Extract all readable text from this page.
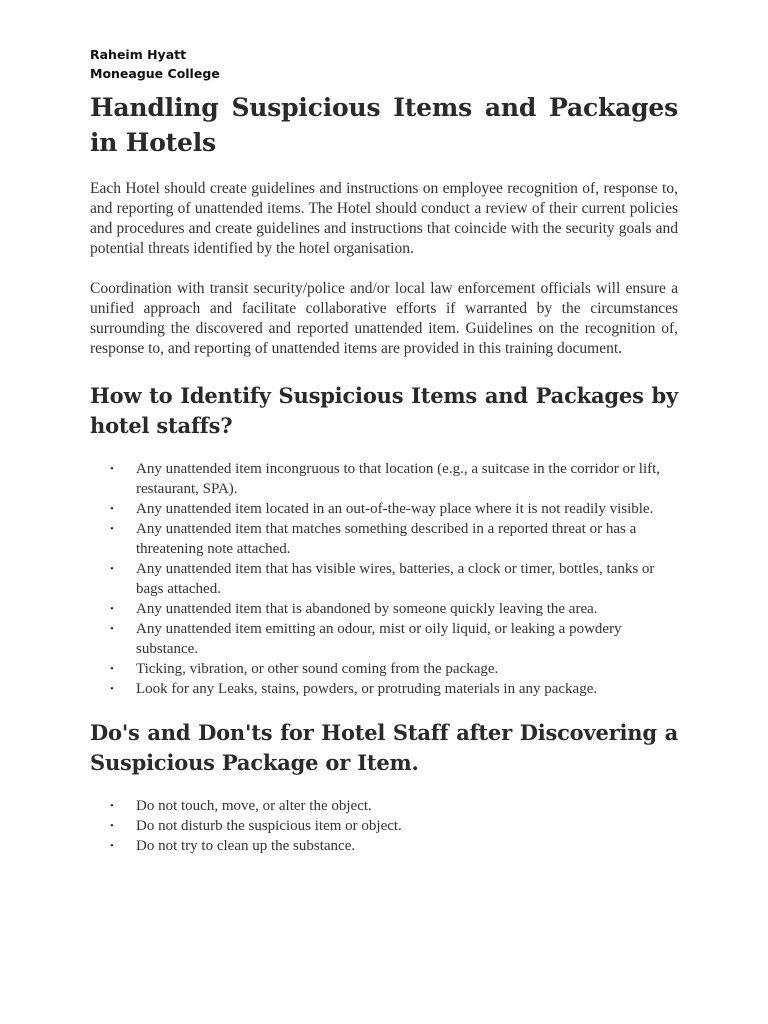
Raheim Hyatt
Moneague College
Handling Suspicious Items and Packages in Hotels

Each Hotel should create guidelines and instructions on employee recognition of, response to, and reporting of unattended items. The Hotel should conduct a review of their current policies and procedures and create guidelines and instructions that coincide with the security goals and potential threats identified by the hotel organisation.

Coordination with transit security/police and/or local law enforcement officials will ensure a unified approach and facilitate collaborative efforts if warranted by the circumstances surrounding the discovered and reported unattended item. Guidelines on the recognition of, response to, and reporting of unattended items are provided in this training document.

How to Identify Suspicious Items and Packages by hotel staffs?
• Any unattended item incongruous to that location (e.g., a suitcase in the corridor or lift, restaurant, SPA).
• Any unattended item located in an out-of-the-way place where it is not readily visible.
• Any unattended item that matches something described in a reported threat or has a threatening note attached.
• Any unattended item that has visible wires, batteries, a clock or timer, bottles, tanks or bags attached.
• Any unattended item that is abandoned by someone quickly leaving the area.
• Any unattended item emitting an odour, mist or oily liquid, or leaking a powdery substance.
• Ticking, vibration, or other sound coming from the package.
• Look for any Leaks, stains, powders, or protruding materials in any package.
Do's and Don'ts for Hotel Staff after Discovering a Suspicious Package or Item.
• Do not touch, move, or alter the object.
• Do not disturb the suspicious item or object.
• Do not try to clean up the substance.
